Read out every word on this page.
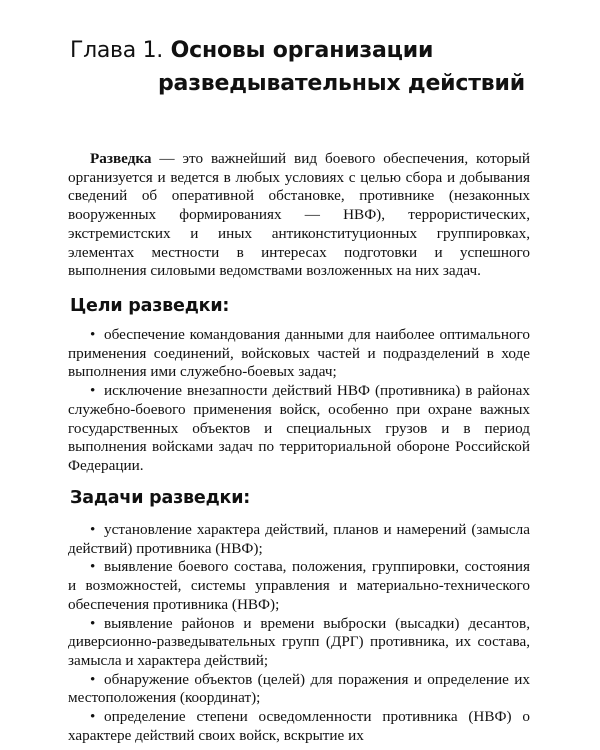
Глава 1. Основы организации
разведывательных действий

Разведка — это важнейший вид боевого обеспечения, который организуется и ведется в любых условиях с целью сбора и добывания сведений об оперативной обстановке, противнике (незаконных вооруженных формированиях — НВФ), террористических, экстремистских и иных антиконституционных группировках, элементах местности в интересах подготовки и успешного выполнения силовыми ведомствами возложенных на них задач.

Цели разведки:
• обеспечение командования данными для наиболее оптимального применения соединений, войсковых частей и подразделений в ходе выполнения ими служебно-боевых задач;
• исключение внезапности действий НВФ (противника) в районах служебно-боевого применения войск, особенно при охране важных государственных объектов и специальных грузов и в период выполнения войсками задач по территориальной обороне Российской Федерации.
Задачи разведки:
• установление характера действий, планов и намерений (замысла действий) противника (НВФ);
• выявление боевого состава, положения, группировки, состояния и возможностей, системы управления и материально-технического обеспечения противника (НВФ);
• выявление районов и времени выброски (высадки) десантов, диверсионно-разведывательных групп (ДРГ) противника, их состава, замысла и характера действий;
• обнаружение объектов (целей) для поражения и определение их местоположения (координат);
• определение степени осведомленности противника (НВФ) о характере действий своих войск, вскрытие их
